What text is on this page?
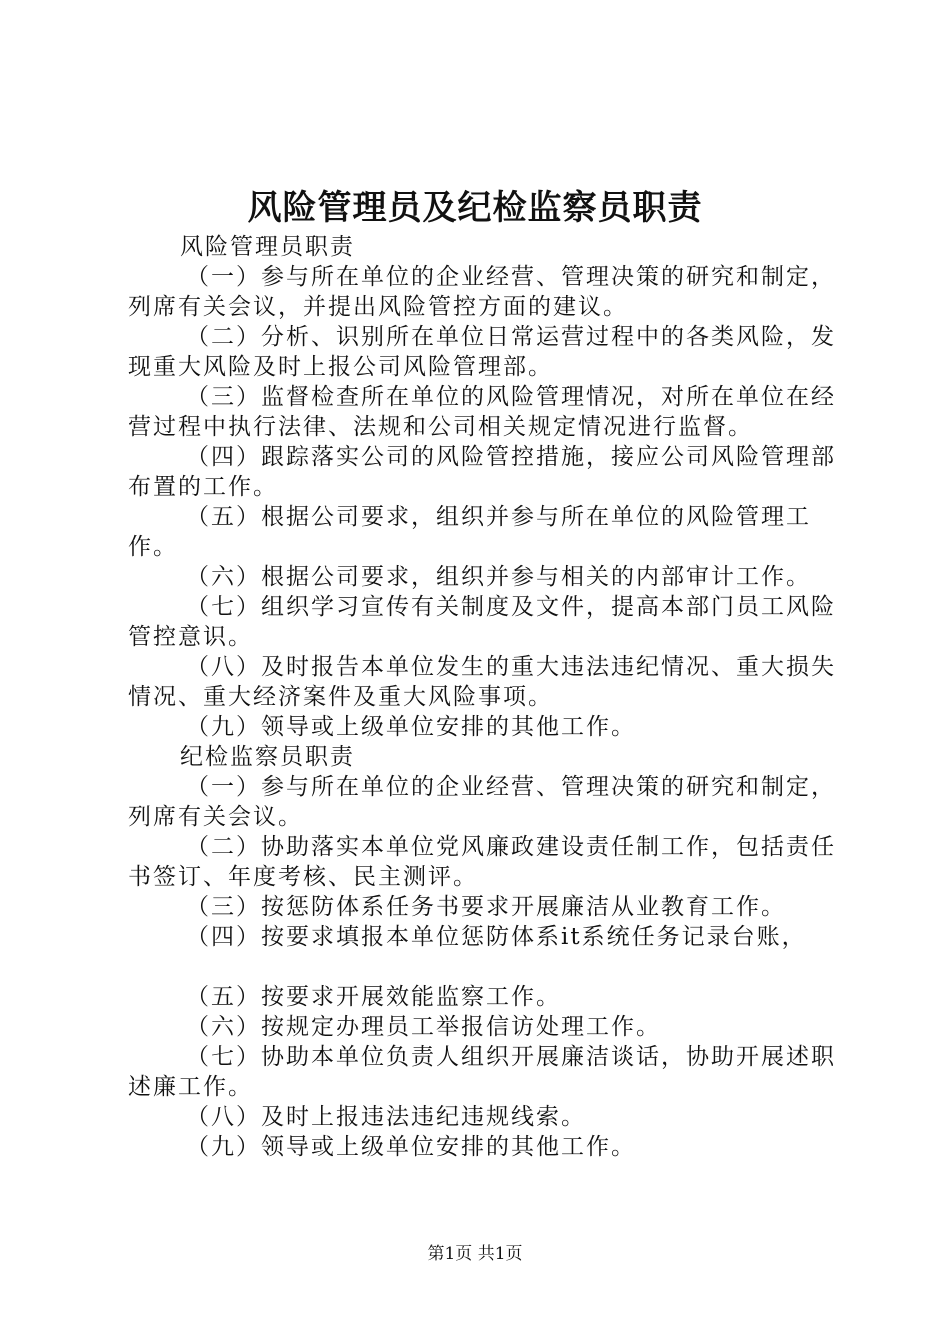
风险管理员及纪检监察员职责

风险管理员职责

（一）参与所在单位的企业经营、管理决策的研究和制定，列席有关会议，并提出风险管控方面的建议。

（二）分析、识别所在单位日常运营过程中的各类风险，发现重大风险及时上报公司风险管理部。

（三）监督检查所在单位的风险管理情况，对所在单位在经营过程中执行法律、法规和公司相关规定情况进行监督。

（四）跟踪落实公司的风险管控措施，接应公司风险管理部布置的工作。

（五）根据公司要求，组织并参与所在单位的风险管理工作。

（六）根据公司要求，组织并参与相关的内部审计工作。

（七）组织学习宣传有关制度及文件，提高本部门员工风险管控意识。

（八）及时报告本单位发生的重大违法违纪情况、重大损失情况、重大经济案件及重大风险事项。

（九）领导或上级单位安排的其他工作。

纪检监察员职责

（一）参与所在单位的企业经营、管理决策的研究和制定，列席有关会议。

（二）协助落实本单位党风廉政建设责任制工作，包括责任书签订、年度考核、民主测评。

（三）按惩防体系任务书要求开展廉洁从业教育工作。

（四）按要求填报本单位惩防体系it系统任务记录台账，

（五）按要求开展效能监察工作。

（六）按规定办理员工举报信访处理工作。

（七）协助本单位负责人组织开展廉洁谈话，协助开展述职述廉工作。

（八）及时上报违法违纪违规线索。

（九）领导或上级单位安排的其他工作。

第1页 共1页
